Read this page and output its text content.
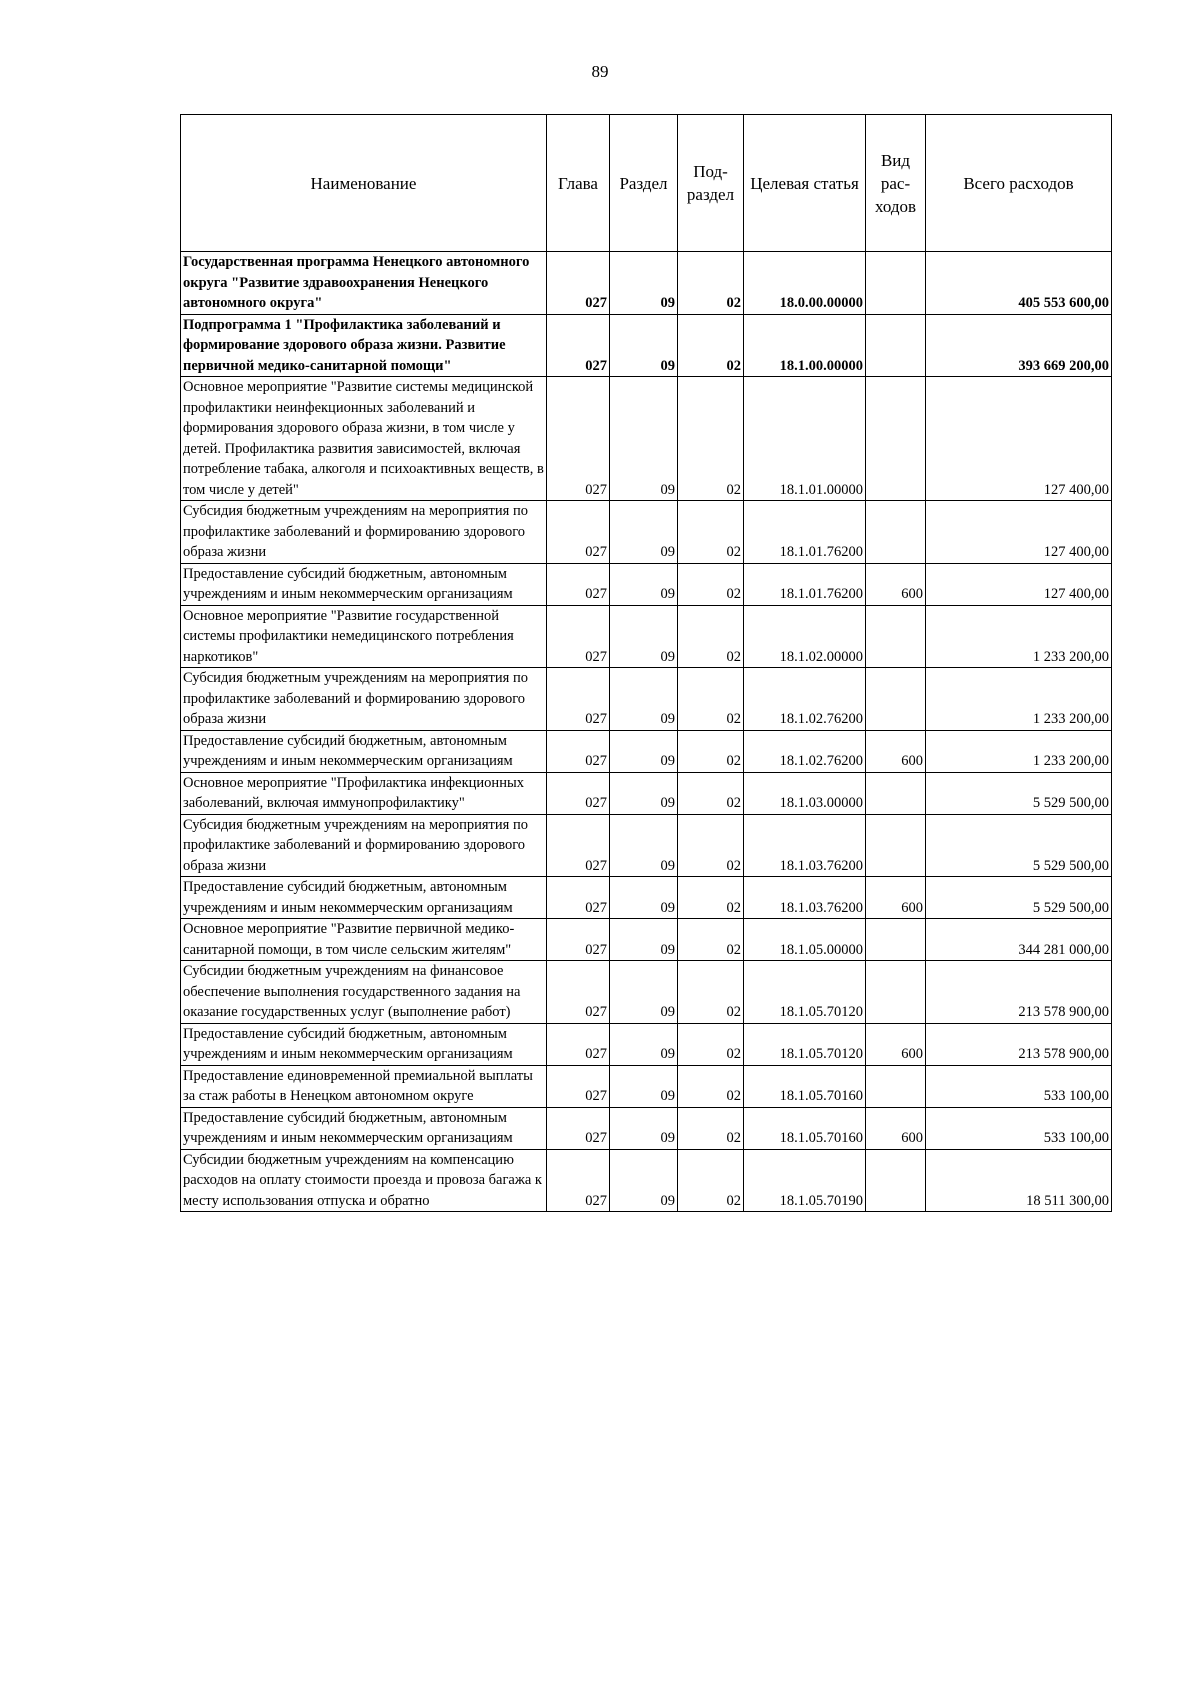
89
Наименование	Глава	Раздел	Под-раздел	Целевая статья	Вид рас-ходов	Всего расходов
Государственная программа Ненецкого автономного округа "Развитие здравоохранения Ненецкого автономного округа"	027	09	02	18.0.00.00000		405 553 600,00
Подпрограмма 1 "Профилактика заболеваний и формирование здорового образа жизни. Развитие первичной медико-санитарной помощи"	027	09	02	18.1.00.00000		393 669 200,00
Основное мероприятие "Развитие системы медицинской профилактики неинфекционных заболеваний и формирования здорового образа жизни, в том числе у детей. Профилактика развития зависимостей, включая потребление табака, алкоголя и психоактивных веществ, в том числе у детей"	027	09	02	18.1.01.00000		127 400,00
Субсидия бюджетным учреждениям на мероприятия по профилактике заболеваний и формированию здорового образа жизни	027	09	02	18.1.01.76200		127 400,00
Предоставление субсидий бюджетным, автономным учреждениям и иным некоммерческим организациям	027	09	02	18.1.01.76200	600	127 400,00
Основное мероприятие "Развитие государственной системы профилактики немедицинского потребления наркотиков"	027	09	02	18.1.02.00000		1 233 200,00
Субсидия бюджетным учреждениям на мероприятия по профилактике заболеваний и формированию здорового образа жизни	027	09	02	18.1.02.76200		1 233 200,00
Предоставление субсидий бюджетным, автономным учреждениям и иным некоммерческим организациям	027	09	02	18.1.02.76200	600	1 233 200,00
Основное мероприятие "Профилактика инфекционных заболеваний, включая иммунопрофилактику"	027	09	02	18.1.03.00000		5 529 500,00
Субсидия бюджетным учреждениям на мероприятия по профилактике заболеваний и формированию здорового образа жизни	027	09	02	18.1.03.76200		5 529 500,00
Предоставление субсидий бюджетным, автономным учреждениям и иным некоммерческим организациям	027	09	02	18.1.03.76200	600	5 529 500,00
Основное мероприятие "Развитие первичной медико-санитарной помощи, в том числе сельским жителям"	027	09	02	18.1.05.00000		344 281 000,00
Субсидии бюджетным учреждениям на финансовое обеспечение выполнения государственного задания на оказание государственных услуг (выполнение работ)	027	09	02	18.1.05.70120		213 578 900,00
Предоставление субсидий бюджетным, автономным учреждениям и иным некоммерческим организациям	027	09	02	18.1.05.70120	600	213 578 900,00
Предоставление единовременной премиальной выплаты за стаж работы в Ненецком автономном округе	027	09	02	18.1.05.70160		533 100,00
Предоставление субсидий бюджетным, автономным учреждениям и иным некоммерческим организациям	027	09	02	18.1.05.70160	600	533 100,00
Субсидии бюджетным учреждениям на компенсацию расходов на оплату стоимости проезда и провоза багажа к месту использования отпуска и обратно	027	09	02	18.1.05.70190		18 511 300,00
